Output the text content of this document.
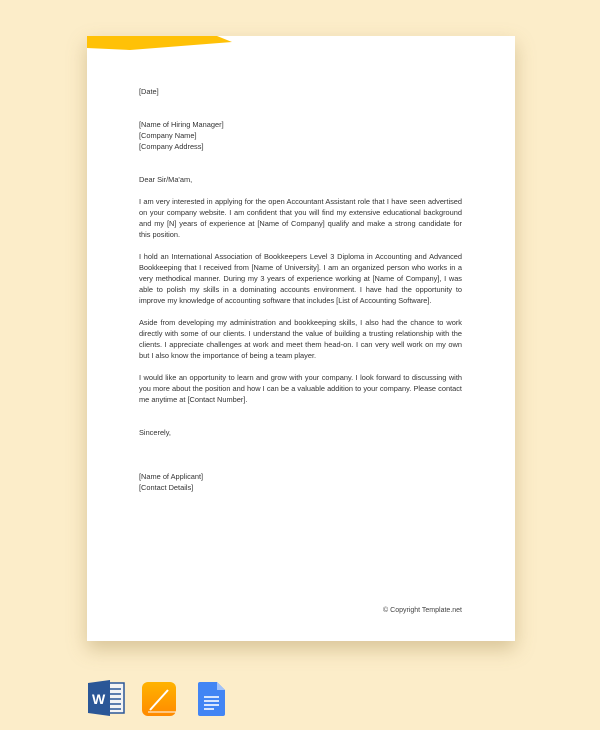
[Date]

[Name of Hiring Manager]

[Company Name]

[Company Address]

Dear Sir/Ma'am,

I am very interested in applying for the open Accountant Assistant role that I have seen advertised on your company website. I am confident that you will find my extensive educational background and my [N] years of experience at [Name of Company] qualify and make a strong candidate for this position.

I hold an International Association of Bookkeepers Level 3 Diploma in Accounting and Advanced Bookkeeping that I received from [Name of University]. I am an organized person who works in a very methodical manner. During my 3 years of experience working at [Name of Company], I was able to polish my skills in a dominating accounts environment. I have had the opportunity to improve my knowledge of accounting software that includes [List of Accounting Software].

Aside from developing my administration and bookkeeping skills, I also had the chance to work directly with some of our clients. I understand the value of building a trusting relationship with the clients. I appreciate challenges at work and meet them head-on. I can very well work on my own but I also know the importance of being a team player.

I would like an opportunity to learn and grow with your company. I look forward to discussing with you more about the position and how I can be a valuable addition to your company. Please contact me anytime at [Contact Number].

Sincerely,

[Name of Applicant]

[Contact Details]

© Copyright Template.net
W
